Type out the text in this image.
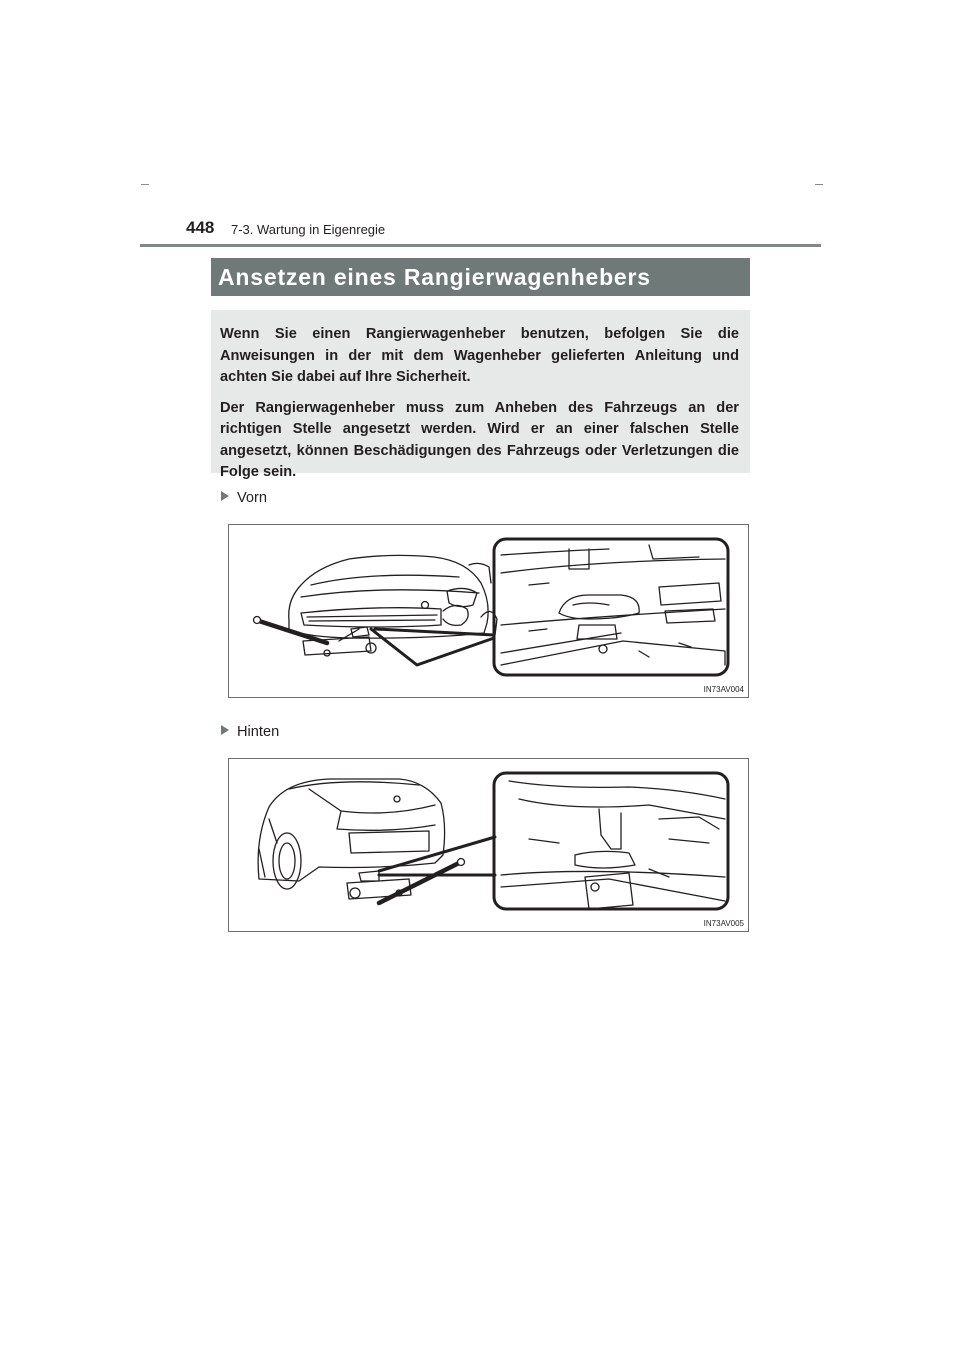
448 7-3. Wartung in Eigenregie
Ansetzen eines Rangierwagenhebers

Wenn Sie einen Rangierwagenheber benutzen, befolgen Sie die Anweisungen in der mit dem Wagenheber gelieferten Anleitung und achten Sie dabei auf Ihre Sicherheit.

Der Rangierwagenheber muss zum Anheben des Fahrzeugs an der richtigen Stelle angesetzt werden. Wird er an einer falschen Stelle angesetzt, können Beschädigungen des Fahrzeugs oder Verletzungen die Folge sein.

Vorn
IN73AV004
Hinten
IN73AV005
